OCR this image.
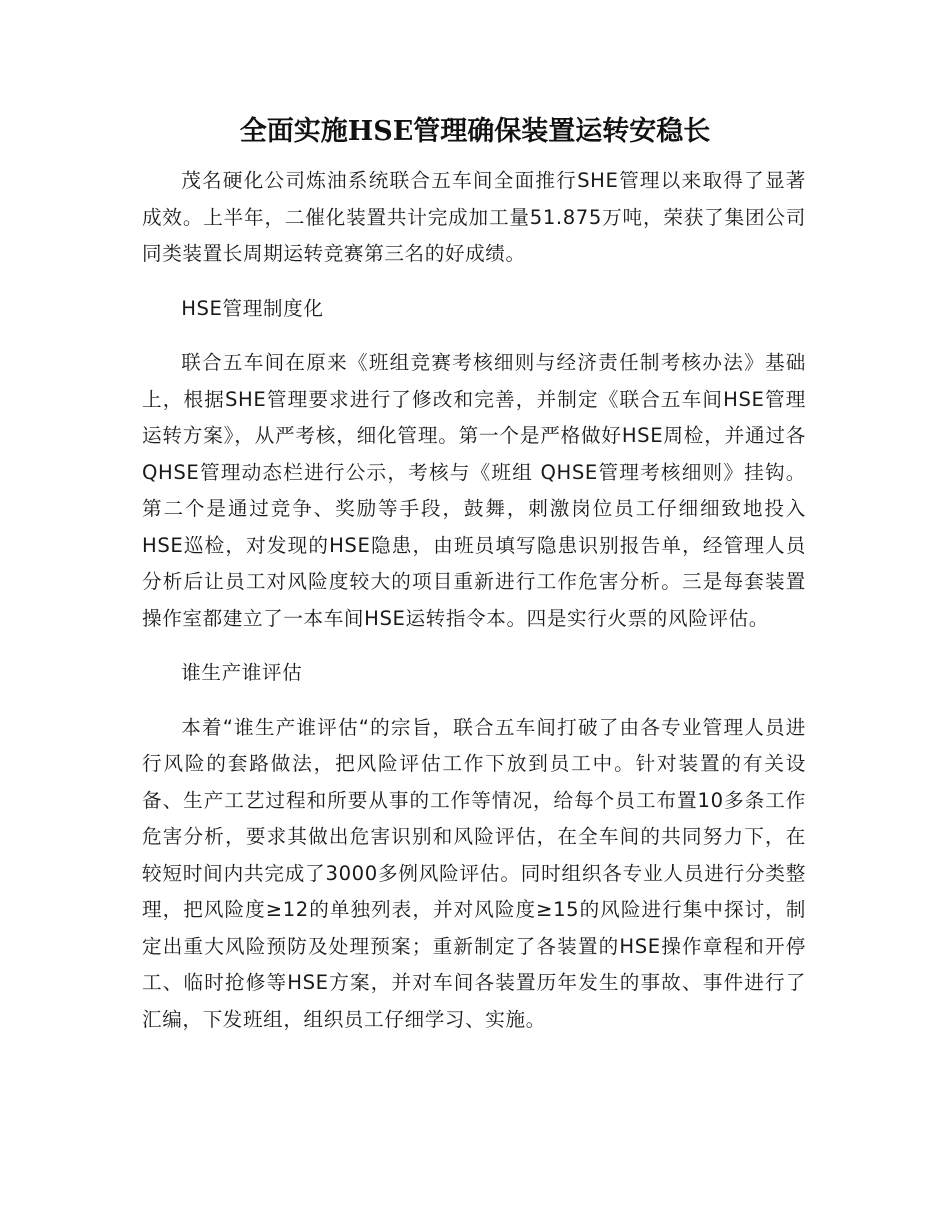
全面实施HSE管理确保装置运转安稳长

茂名硬化公司炼油系统联合五车间全面推行SHE管理以来取得了显著成效。上半年，二催化装置共计完成加工量51.875万吨，荣获了集团公司同类装置长周期运转竞赛第三名的好成绩。

HSE管理制度化

联合五车间在原来《班组竞赛考核细则与经济责任制考核办法》基础上，根据SHE管理要求进行了修改和完善，并制定《联合五车间HSE管理运转方案》，从严考核，细化管理。第一个是严格做好HSE周检，并通过各QHSE管理动态栏进行公示，考核与《班组 QHSE管理考核细则》挂钩。第二个是通过竞争、奖励等手段，鼓舞，刺激岗位员工仔细细致地投入HSE巡检，对发现的HSE隐患，由班员填写隐患识别报告单，经管理人员分析后让员工对风险度较大的项目重新进行工作危害分析。三是每套装置操作室都建立了一本车间HSE运转指令本。四是实行火票的风险评估。

谁生产谁评估

本着“谁生产谁评估“的宗旨，联合五车间打破了由各专业管理人员进行风险的套路做法，把风险评估工作下放到员工中。针对装置的有关设备、生产工艺过程和所要从事的工作等情况，给每个员工布置10多条工作危害分析，要求其做出危害识别和风险评估，在全车间的共同努力下，在较短时间内共完成了3000多例风险评估。同时组织各专业人员进行分类整理，把风险度≥12的单独列表，并对风险度≥15的风险进行集中探讨，制定出重大风险预防及处理预案；重新制定了各装置的HSE操作章程和开停工、临时抢修等HSE方案，并对车间各装置历年发生的事故、事件进行了汇编，下发班组，组织员工仔细学习、实施。
